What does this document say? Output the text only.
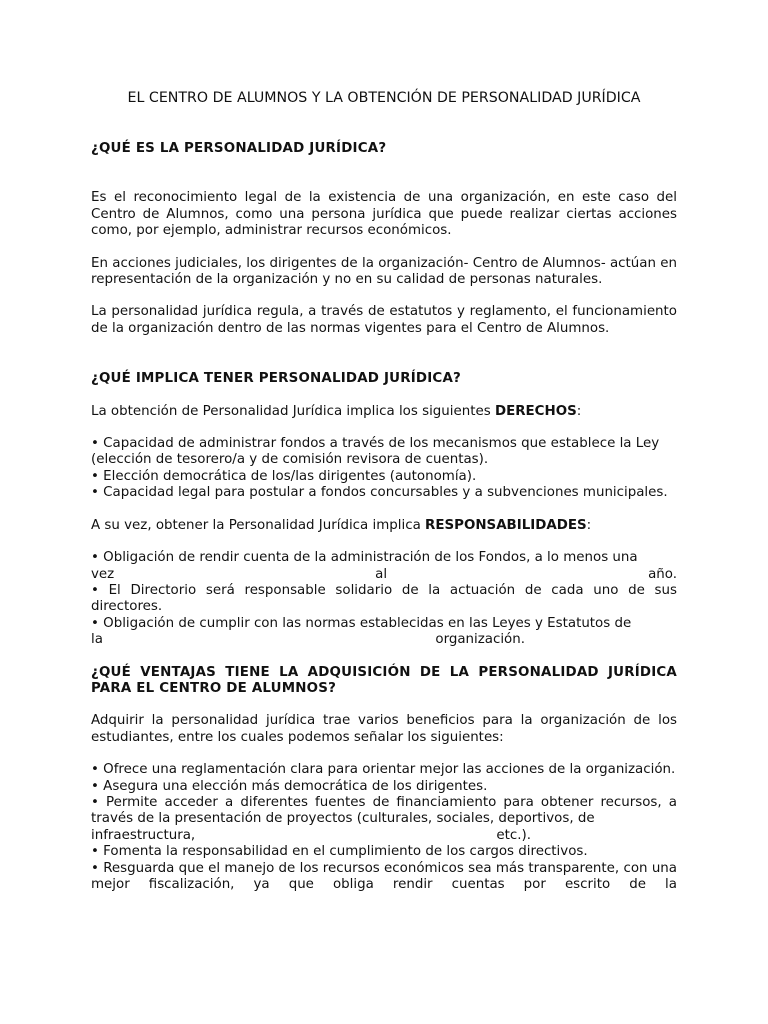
EL CENTRO DE ALUMNOS Y LA OBTENCIÓN DE PERSONALIDAD JURÍDICA

¿QUÉ ES LA PERSONALIDAD JURÍDICA?

Es el reconocimiento legal de la existencia de una organización, en este caso del Centro de Alumnos, como una persona jurídica que puede realizar ciertas acciones como, por ejemplo, administrar recursos económicos.

En acciones judiciales, los dirigentes de la organización- Centro de Alumnos- actúan en representación de la organización y no en su calidad de personas naturales.

La personalidad jurídica regula, a través de estatutos y reglamento, el funcionamiento de la organización dentro de las normas vigentes para el Centro de Alumnos.

¿QUÉ IMPLICA TENER PERSONALIDAD JURÍDICA?

La obtención de Personalidad Jurídica implica los siguientes DERECHOS:

• Capacidad de administrar fondos a través de los mecanismos que establece la Ley

(elección de tesorero/a y de comisión revisora de cuentas).

• Elección democrática de los/las dirigentes (autonomía).

• Capacidad legal para postular a fondos concursables y a subvenciones municipales.

A su vez, obtener la Personalidad Jurídica implica RESPONSABILIDADES:

• Obligación de rendir cuenta de la administración de los Fondos, a lo menos una

vez al año.

• El Directorio será responsable solidario de la actuación de cada uno de sus directores.

• Obligación de cumplir con las normas establecidas en las Leyes y Estatutos de

la organización.

¿QUÉ VENTAJAS TIENE LA ADQUISICIÓN DE LA PERSONALIDAD JURÍDICA PARA EL CENTRO DE ALUMNOS?

Adquirir la personalidad jurídica trae varios beneficios para la organización de los estudiantes, entre los cuales podemos señalar los siguientes:

• Ofrece una reglamentación clara para orientar mejor las acciones de la organización.

• Asegura una elección más democrática de los dirigentes.

• Permite acceder a diferentes fuentes de financiamiento para obtener recursos, a través de la presentación de proyectos (culturales, sociales, deportivos, de

infraestructura, etc.).

• Fomenta la responsabilidad en el cumplimiento de los cargos directivos.

• Resguarda que el manejo de los recursos económicos sea más transparente, con una mejor fiscalización, ya que obliga rendir cuentas por escrito de la
